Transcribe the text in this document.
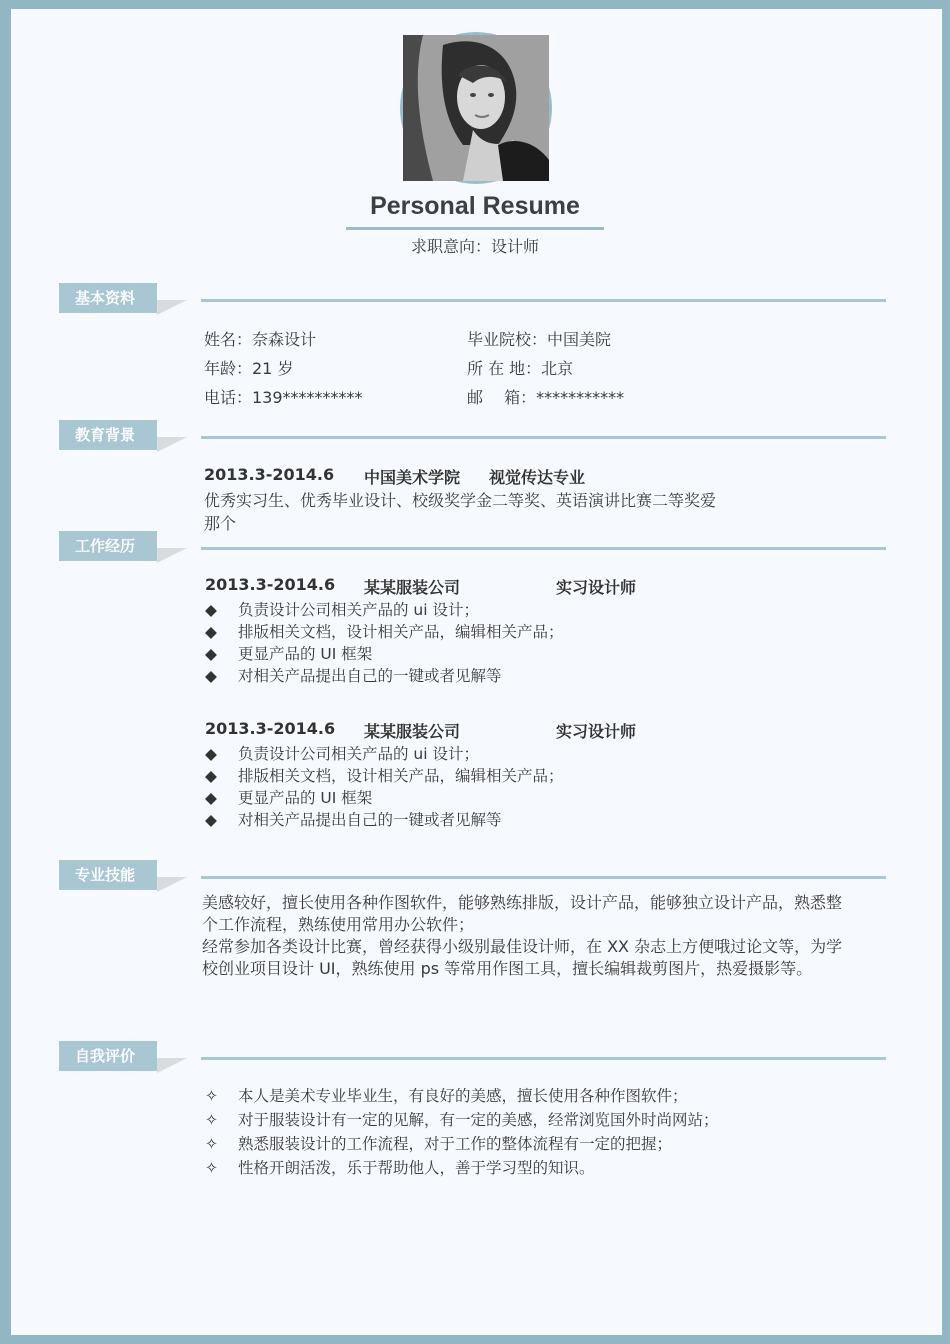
Personal Resume
求职意向：设计师
基本资料
姓名：奈森设计
年龄：21 岁
电话：139**********
毕业院校：中国美院
所 在 地：北京
邮　 箱：***********
教育背景
2013.3-2014.6 中国美术学院 视觉传达专业
优秀实习生、优秀毕业设计、校级奖学金二等奖、英语演讲比赛二等奖爱
那个
工作经历
2013.3-2014.6 某某服装公司	实习设计师
◆ 负责设计公司相关产品的 ui 设计；
◆ 排版相关文档，设计相关产品，编辑相关产品；
◆ 更显产品的 UI 框架
◆ 对相关产品提出自己的一键或者见解等
2013.3-2014.6 某某服装公司	实习设计师
◆ 负责设计公司相关产品的 ui 设计；
◆ 排版相关文档，设计相关产品，编辑相关产品；
◆ 更显产品的 UI 框架
◆ 对相关产品提出自己的一键或者见解等
专业技能
美感较好，擅长使用各种作图软件，能够熟练排版，设计产品，能够独立设计产品，熟悉整
个工作流程，熟练使用常用办公软件；
经常参加各类设计比赛，曾经获得小级别最佳设计师，在 XX 杂志上方便哦过论文等，为学
校创业项目设计 UI，熟练使用 ps 等常用作图工具，擅长编辑裁剪图片，热爱摄影等。
自我评价
✧ 本人是美术专业毕业生，有良好的美感，擅长使用各种作图软件；
✧ 对于服装设计有一定的见解，有一定的美感，经常浏览国外时尚网站；
✧ 熟悉服装设计的工作流程，对于工作的整体流程有一定的把握；
✧ 性格开朗活泼，乐于帮助他人，善于学习型的知识。
